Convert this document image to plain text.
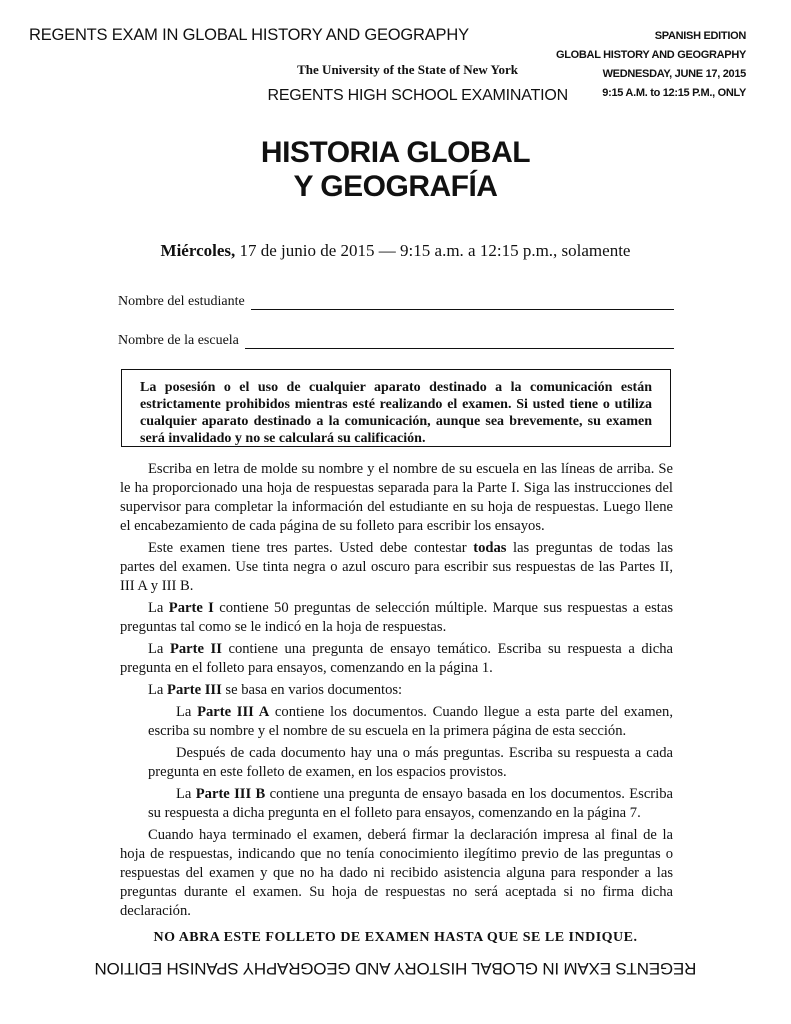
REGENTS EXAM IN GLOBAL HISTORY AND GEOGRAPHY	SPANISH EDITION
GLOBAL HISTORY AND GEOGRAPHY
WEDNESDAY, JUNE 17, 2015
9:15 A.M. to 12:15 P.M., ONLY
The University of the State of New York
REGENTS HIGH SCHOOL EXAMINATION
HISTORIA GLOBAL
Y GEOGRAFÍA
Miércoles, 17 de junio de 2015 — 9:15 a.m. a 12:15 p.m., solamente
Nombre del estudiante
Nombre de la escuela
La posesión o el uso de cualquier aparato destinado a la comunicación están estrictamente prohibidos mientras esté realizando el examen. Si usted tiene o utiliza cualquier aparato destinado a la comunicación, aunque sea brevemente, su examen será invalidado y no se calculará su calificación.

Escriba en letra de molde su nombre y el nombre de su escuela en las líneas de arriba. Se le ha proporcionado una hoja de respuestas separada para la Parte I. Siga las instrucciones del supervisor para completar la información del estudiante en su hoja de respuestas. Luego llene el encabezamiento de cada página de su folleto para escribir los ensayos.

Este examen tiene tres partes. Usted debe contestar todas las preguntas de todas las partes del examen. Use tinta negra o azul oscuro para escribir sus respuestas de las Partes II, III A y III B.

La Parte I contiene 50 preguntas de selección múltiple. Marque sus respuestas a estas preguntas tal como se le indicó en la hoja de respuestas.

La Parte II contiene una pregunta de ensayo temático. Escriba su respuesta a dicha pregunta en el folleto para ensayos, comenzando en la página 1.

La Parte III se basa en varios documentos:

La Parte III A contiene los documentos. Cuando llegue a esta parte del examen, escriba su nombre y el nombre de su escuela en la primera página de esta sección.

Después de cada documento hay una o más preguntas. Escriba su respuesta a cada pregunta en este folleto de examen, en los espacios provistos.

La Parte III B contiene una pregunta de ensayo basada en los documentos. Escriba su respuesta a dicha pregunta en el folleto para ensayos, comenzando en la página 7.

Cuando haya terminado el examen, deberá firmar la declaración impresa al final de la hoja de respuestas, indicando que no tenía conocimiento ilegítimo previo de las preguntas o respuestas del examen y que no ha dado ni recibido asistencia alguna para responder a las preguntas durante el examen. Su hoja de respuestas no será aceptada si no firma dicha declaración.

NO ABRA ESTE FOLLETO DE EXAMEN HASTA QUE SE LE INDIQUE.
REGENTS EXAM IN GLOBAL HISTORY AND GEOGRAPHY SPANISH EDITION
